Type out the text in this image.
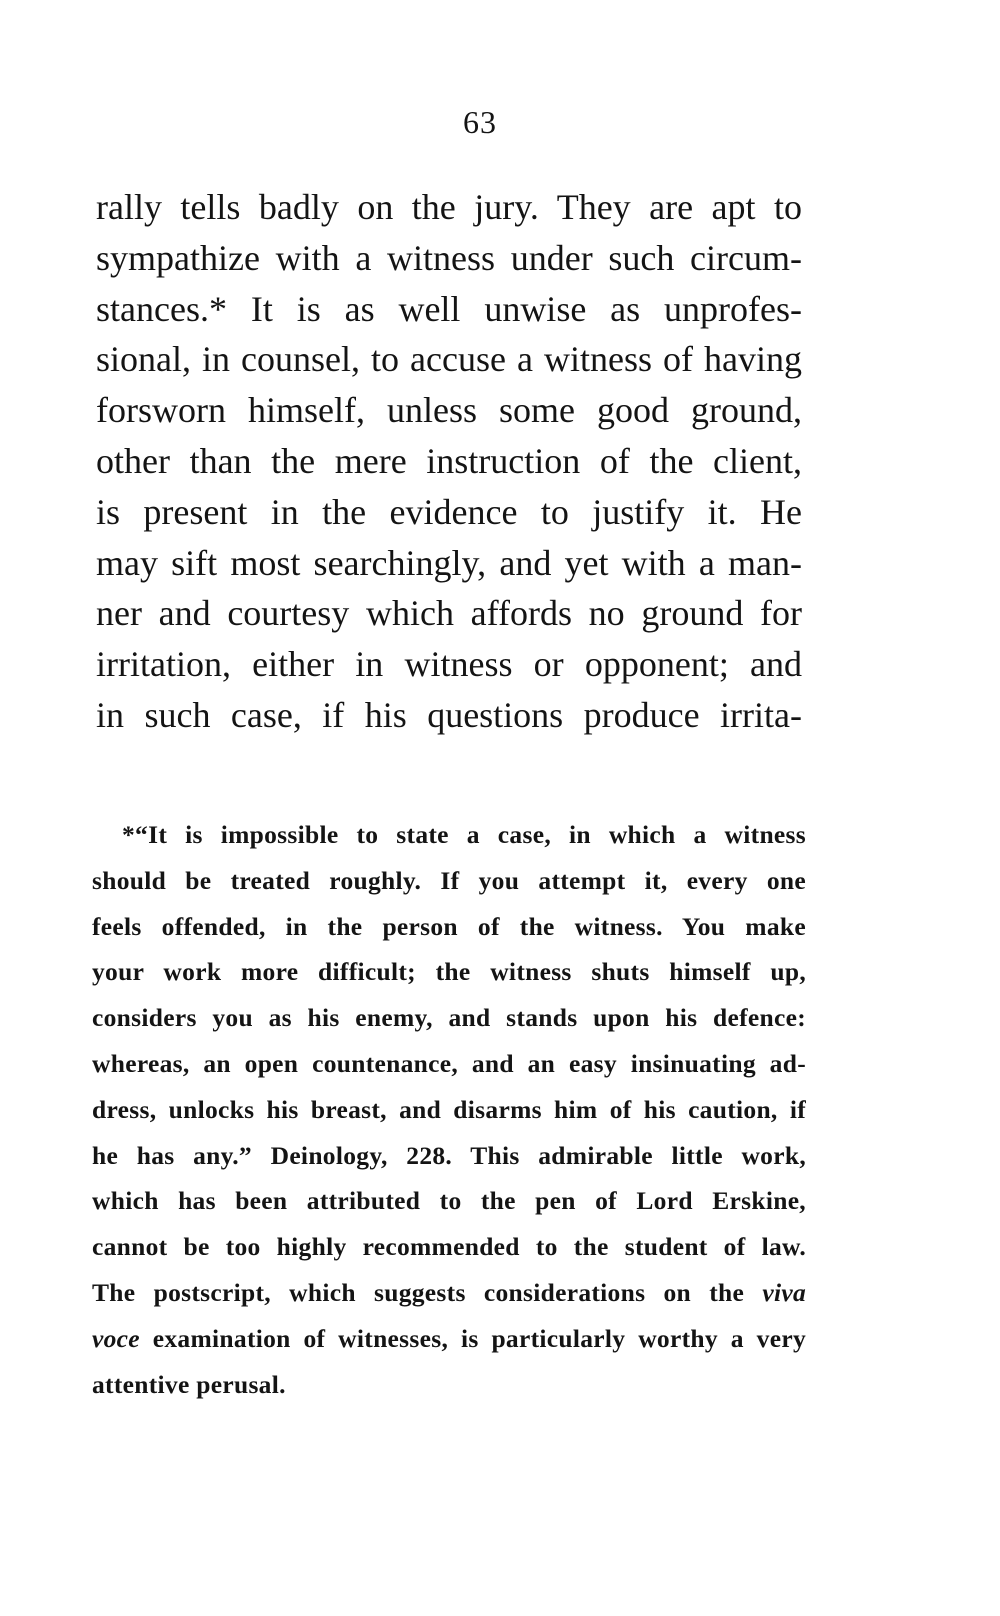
63
rally tells badly on the jury. They are apt to
sympathize with a witness under such circum-
stances.* It is as well unwise as unprofes-
sional, in counsel, to accuse a witness of having
forsworn himself, unless some good ground,
other than the mere instruction of the client,
is present in the evidence to justify it. He
may sift most searchingly, and yet with a man-
ner and courtesy which affords no ground for
irritation, either in witness or opponent; and
in such case, if his questions produce irrita-
*“It is impossible to state a case, in which a witness
should be treated roughly. If you attempt it, every one
feels offended, in the person of the witness. You make
your work more difficult; the witness shuts himself up,
considers you as his enemy, and stands upon his defence:
whereas, an open countenance, and an easy insinuating ad-
dress, unlocks his breast, and disarms him of his caution, if
he has any.” Deinology, 228. This admirable little work,
which has been attributed to the pen of Lord Erskine,
cannot be too highly recommended to the student of law.
The postscript, which suggests considerations on the viva
voce examination of witnesses, is particularly worthy a very
attentive perusal.
